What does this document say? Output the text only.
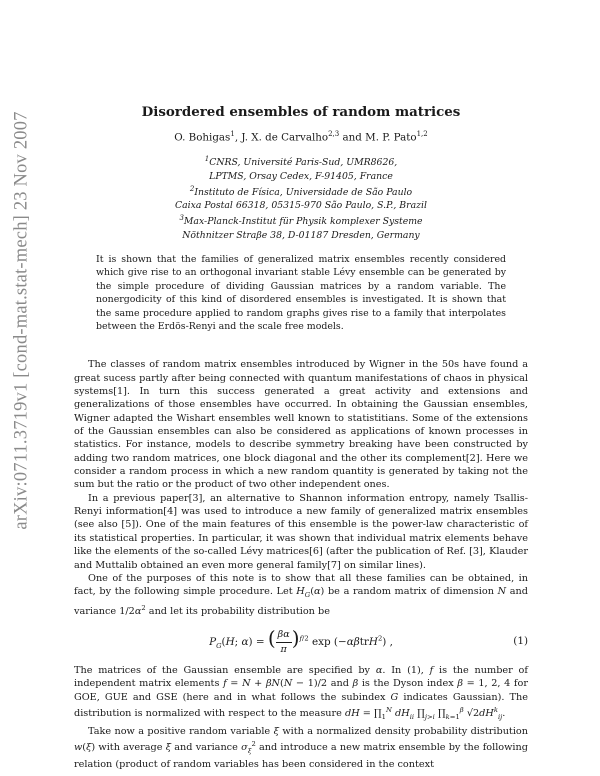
arXiv:0711.3719v1 [cond-mat.stat-mech] 23 Nov 2007	Disordered ensembles of random matrices
O. Bohigas$^1$, J. X. de Carvalho$^{2,3}$ and M. P. Pato$^{1,2}$

$^1$CNRS, Université Paris-Sud, UMR8626,

LPTMS, Orsay Cedex, F-91405, France

$^2$Instituto de Física, Universidade de São Paulo

Caixa Postal 66318, 05315-970 São Paulo, S.P., Brazil

$^3$Max-Planck-Institut für Physik komplexer Systeme

Nöthnitzer Straβe 38, D-01187 Dresden, Germany

It is shown that the families of generalized matrix ensembles recently considered which give rise to an orthogonal invariant stable Lévy ensemble can be generated by the simple procedure of dividing Gaussian matrices by a random variable. The nonergodicity of this kind of disordered ensembles is investigated. It is shown that the same procedure applied to random graphs gives rise to a family that interpolates between the Erdös-Renyi and the scale free models.

The classes of random matrix ensembles introduced by Wigner in the 50s have found a great sucess partly after being connected with quantum manifestations of chaos in physical systems[1]. In turn this success generated a great activity and extensions and generalizations of those ensembles have occurred. In obtaining the Gaussian ensembles, Wigner adapted the Wishart ensembles well known to statistitians. Some of the extensions of the Gaussian ensembles can also be considered as applications of known processes in statistics. For instance, models to describe symmetry breaking have been constructed by adding two random matrices, one block diagonal and the other its complement[2]. Here we consider a random process in which a new random quantity is generated by taking not the sum but the ratio or the product of two other independent ones.

In a previous paper[3], an alternative to Shannon information entropy, namely Tsallis-Renyi information[4] was used to introduce a new family of generalized matrix ensembles (see also [5]). One of the main features of this ensemble is the power-law characteristic of its statistical properties. In particular, it was shown that individual matrix elements behave like the elements of the so-called Lévy matrices[6] (after the publication of Ref. [3], Klauder and Muttalib obtained an even more general family[7] on similar lines).

One of the purposes of this note is to show that all these families can be obtained, in fact, by the following simple procedure. Let $H_G(\alpha)$ be a random matrix of dimension N and variance $1/2\alpha^2$ and let its probability distribution be

$P_G(H$; α) = ( $\frac{\beta\alpha}{\pi} )^{f/2}$ exp (−αβtrH$^2$) ,	(1)

The matrices of the Gaussian ensemble are specified by α. In (1), f is the number of independent matrix elements f = N + βN(N − 1)/2 and β is the Dyson index β = 1, 2, 4 for GOE, GUE and GSE (here and in what follows the subindex G indicates Gaussian). The distribution is normalized with respect to the measure dH = $\prod_1^N$ $dH_{ii}$ $\prod_{j>i}$ $\prod_{k=1}^\beta$ $√2dH^k_{ij}$.

Take now a positive random variable ξ with a normalized density probability distribution w(ξ) with average ξ̄ and variance $\sigma_\xi^2$ and introduce a new matrix ensemble by the following relation (product of random variables has been considered in the context
